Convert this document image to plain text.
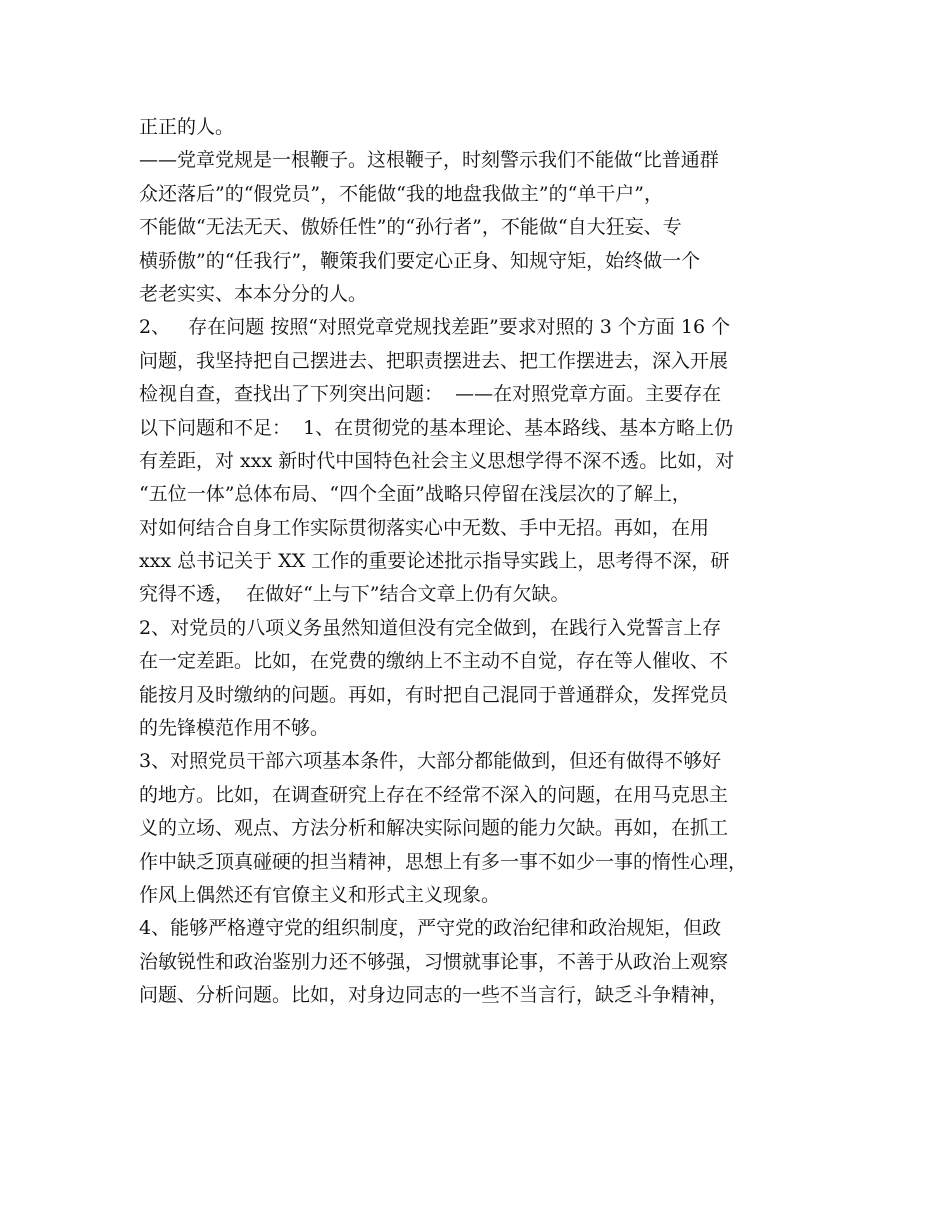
正正的人。
——党章党规是一根鞭子。这根鞭子，时刻警示我们不能做“比普通群
众还落后”的“假党员”，不能做“我的地盘我做主”的“单干户”，
不能做“无法无天、傲娇任性”的“孙行者”，不能做“自大狂妄、专
横骄傲”的“任我行”，鞭策我们要定心正身、知规守矩，始终做一个
老老实实、本本分分的人。
2、   存在问题 按照“对照党章党规找差距”要求对照的 3 个方面 16 个
问题，我坚持把自己摆进去、把职责摆进去、把工作摆进去，深入开展
检视自查，查找出了下列突出问题：  ——在对照党章方面。主要存在
以下问题和不足：  1、在贯彻党的基本理论、基本路线、基本方略上仍
有差距，对 xxx 新时代中国特色社会主义思想学得不深不透。比如，对
“五位一体”总体布局、“四个全面”战略只停留在浅层次的了解上，
对如何结合自身工作实际贯彻落实心中无数、手中无招。再如，在用
xxx 总书记关于 XX 工作的重要论述批示指导实践上，思考得不深，研
究得不透，  在做好“上与下”结合文章上仍有欠缺。
2、对党员的八项义务虽然知道但没有完全做到，在践行入党誓言上存
在一定差距。比如，在党费的缴纳上不主动不自觉，存在等人催收、不
能按月及时缴纳的问题。再如，有时把自己混同于普通群众，发挥党员
的先锋模范作用不够。
3、对照党员干部六项基本条件，大部分都能做到，但还有做得不够好
的地方。比如，在调查研究上存在不经常不深入的问题，在用马克思主
义的立场、观点、方法分析和解决实际问题的能力欠缺。再如，在抓工
作中缺乏顶真碰硬的担当精神，思想上有多一事不如少一事的惰性心理，
作风上偶然还有官僚主义和形式主义现象。
4、能够严格遵守党的组织制度，严守党的政治纪律和政治规矩，但政
治敏锐性和政治鉴别力还不够强，习惯就事论事，不善于从政治上观察
问题、分析问题。比如，对身边同志的一些不当言行，缺乏斗争精神，
